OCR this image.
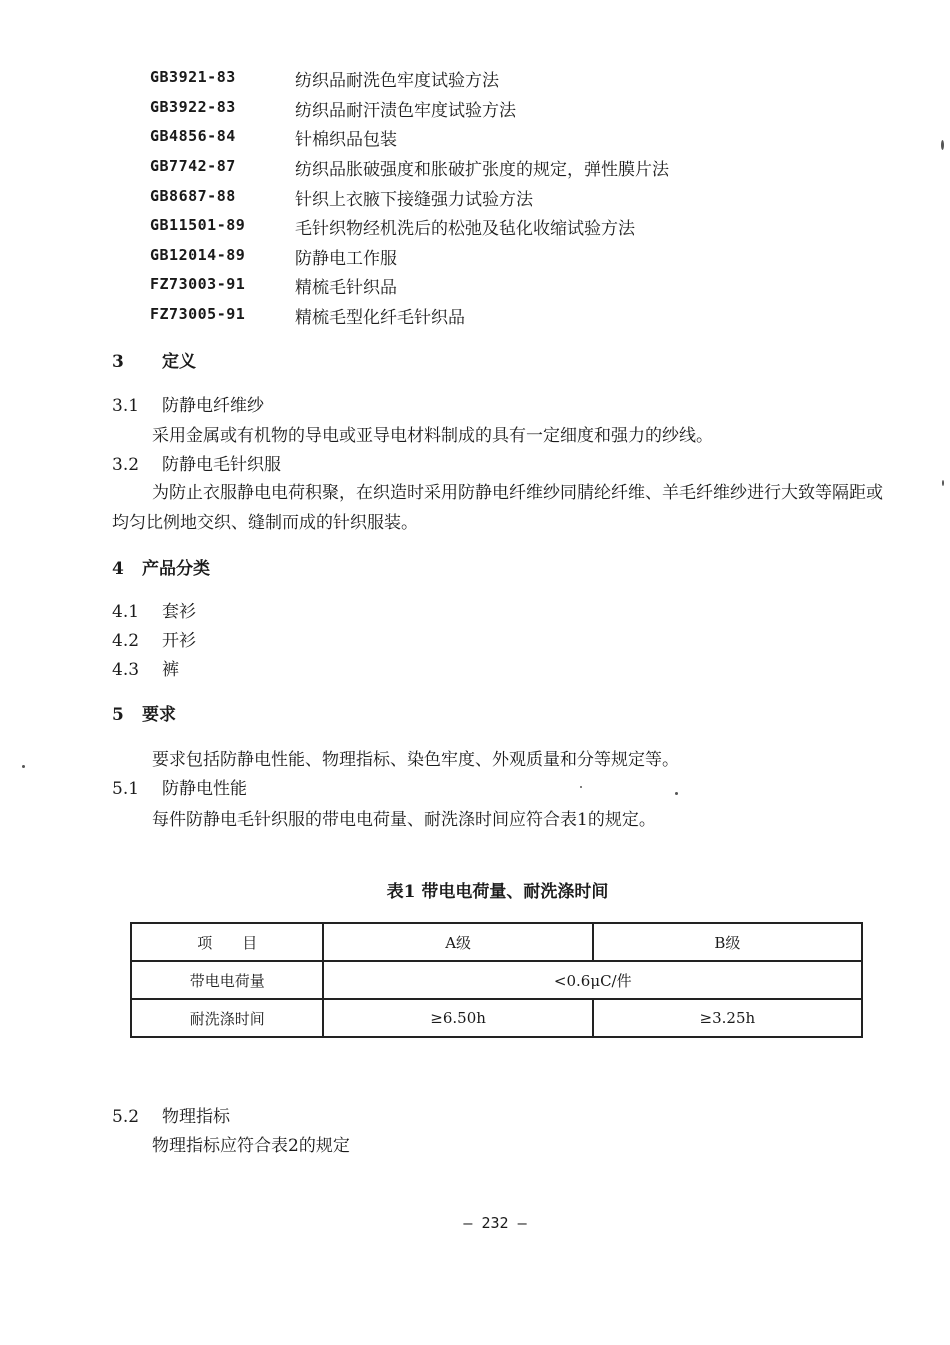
GB3921-83	纺织品耐洗色牢度试验方法
GB3922-83	纺织品耐汗渍色牢度试验方法
GB4856-84	针棉织品包装
GB7742-87	纺织品胀破强度和胀破扩张度的规定，弹性膜片法
GB8687-88	针织上衣腋下接缝强力试验方法
GB11501-89	毛针织物经机洗后的松弛及毡化收缩试验方法
GB12014-89	防静电工作服
FZ73003-91	精梳毛针织品
FZ73005-91	精梳毛型化纤毛针织品
3 定义
3.1 防静电纤维纱
采用金属或有机物的导电或亚导电材料制成的具有一定细度和强力的纱线。
3.2 防静电毛针织服
为防止衣服静电电荷积聚，在织造时采用防静电纤维纱同腈纶纤维、羊毛纤维纱进行大致等隔距或均匀比例地交织、缝制而成的针织服装。
4 产品分类
4.1 套衫
4.2 开衫
4.3 裤
5 要求
要求包括防静电性能、物理指标、染色牢度、外观质量和分等规定等。
5.1 防静电性能
每件防静电毛针织服的带电电荷量、耐洗涤时间应符合表1的规定。
表1 带电电荷量、耐洗涤时间
项　　目	A级	B级
带电电荷量	<0.6μC/件	
耐洗涤时间	≥6.50h	≥3.25h
5.2 物理指标
物理指标应符合表2的规定
— 232 —
